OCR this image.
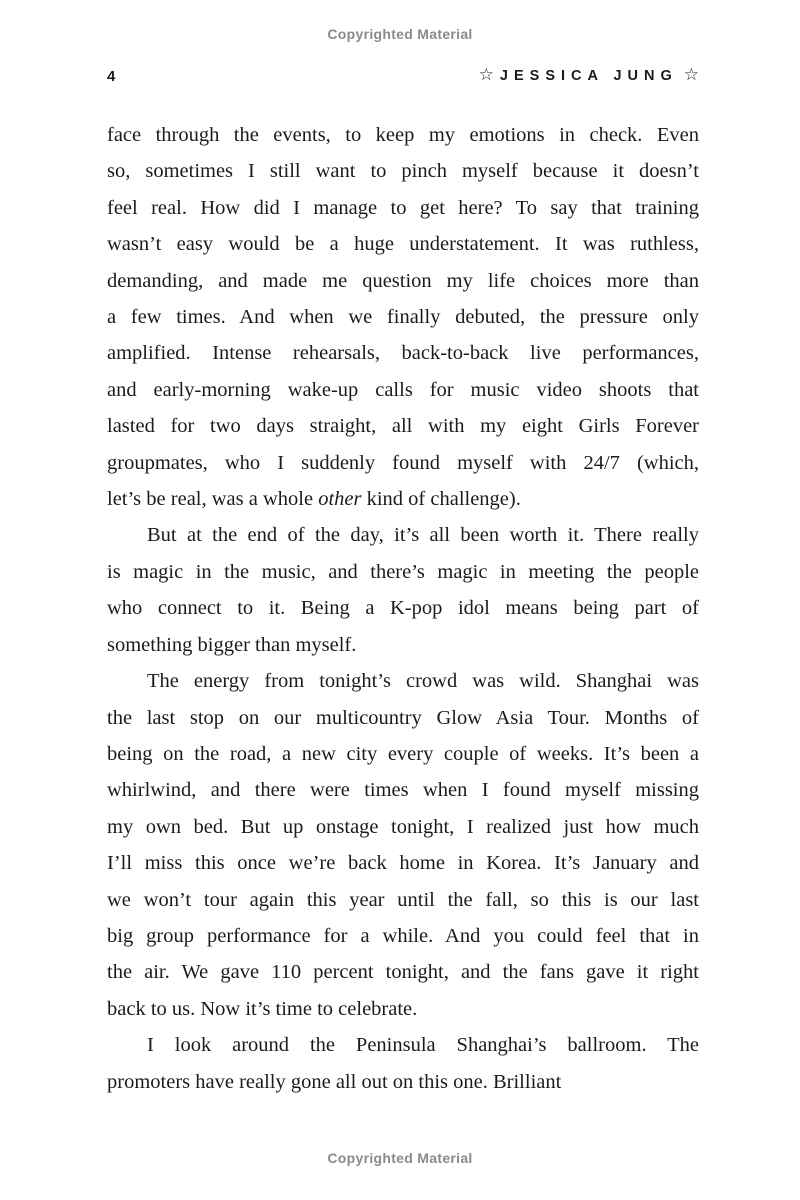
Copyrighted Material
4	☆ JESSICA JUNG ☆
face through the events, to keep my emotions in check. Even
so, sometimes I still want to pinch myself because it doesn’t
feel real. How did I manage to get here? To say that training
wasn’t easy would be a huge understatement. It was ruthless,
demanding, and made me question my life choices more than
a few times. And when we finally debuted, the pressure only
amplified. Intense rehearsals, back-to-back live performances,
and early-morning wake-up calls for music video shoots that
lasted for two days straight, all with my eight Girls Forever
groupmates, who I suddenly found myself with 24/7 (which,
let’s be real, was a whole other kind of challenge).
But at the end of the day, it’s all been worth it. There really
is magic in the music, and there’s magic in meeting the people
who connect to it. Being a K-pop idol means being part of
something bigger than myself.
The energy from tonight’s crowd was wild. Shanghai was
the last stop on our multicountry Glow Asia Tour. Months of
being on the road, a new city every couple of weeks. It’s been a
whirlwind, and there were times when I found myself missing
my own bed. But up onstage tonight, I realized just how much
I’ll miss this once we’re back home in Korea. It’s January and
we won’t tour again this year until the fall, so this is our last
big group performance for a while. And you could feel that in
the air. We gave 110 percent tonight, and the fans gave it right
back to us. Now it’s time to celebrate.
I look around the Peninsula Shanghai’s ballroom. The
promoters have really gone all out on this one. Brilliant
Copyrighted Material
